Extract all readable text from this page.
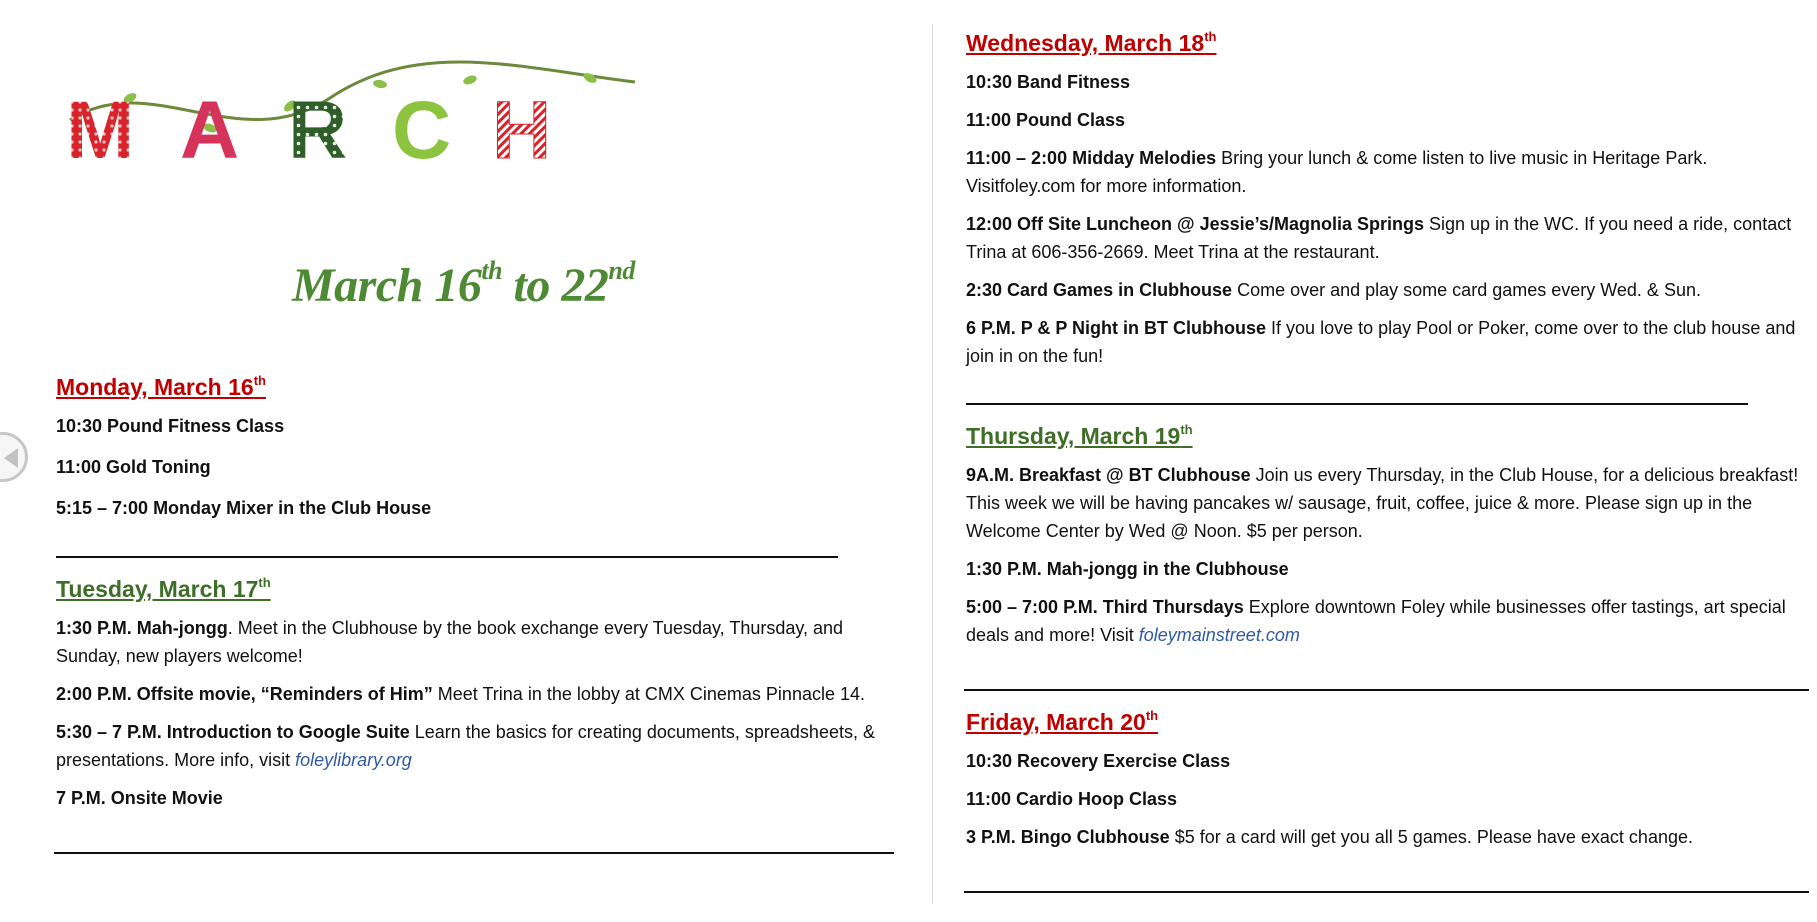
M A R C H
March 16th to 22nd
Monday, March 16th
10:30 Pound Fitness Class
11:00 Gold Toning
5:15 – 7:00 Monday Mixer in the Club House
Tuesday, March 17th
1:30 P.M. Mah-jongg. Meet in the Clubhouse by the book exchange every Tuesday, Thursday, and Sunday, new players welcome!
2:00 P.M. Offsite movie, “Reminders of Him” Meet Trina in the lobby at CMX Cinemas Pinnacle 14.
5:30 – 7 P.M. Introduction to Google Suite Learn the basics for creating documents, spreadsheets, & presentations. More info, visit foleylibrary.org
7 P.M. Onsite Movie
Wednesday, March 18th
10:30 Band Fitness
11:00 Pound Class
11:00 – 2:00 Midday Melodies Bring your lunch & come listen to live music in Heritage Park. Visitfoley.com for more information.
12:00 Off Site Luncheon @ Jessie’s/Magnolia Springs Sign up in the WC. If you need a ride, contact Trina at 606-356-2669. Meet Trina at the restaurant.
2:30 Card Games in Clubhouse Come over and play some card games every Wed. & Sun.
6 P.M. P & P Night in BT Clubhouse If you love to play Pool or Poker, come over to the club house and join in on the fun!
Thursday, March 19th
9A.M. Breakfast @ BT Clubhouse Join us every Thursday, in the Club House, for a delicious breakfast! This week we will be having pancakes w/ sausage, fruit, coffee, juice & more. Please sign up in the Welcome Center by Wed @ Noon. $5 per person.
1:30 P.M. Mah-jongg in the Clubhouse
5:00 – 7:00 P.M. Third Thursdays Explore downtown Foley while businesses offer tastings, art special deals and more! Visit foleymainstreet.com
Friday, March 20th
10:30 Recovery Exercise Class
11:00 Cardio Hoop Class
3 P.M. Bingo Clubhouse $5 for a card will get you all 5 games. Please have exact change.
